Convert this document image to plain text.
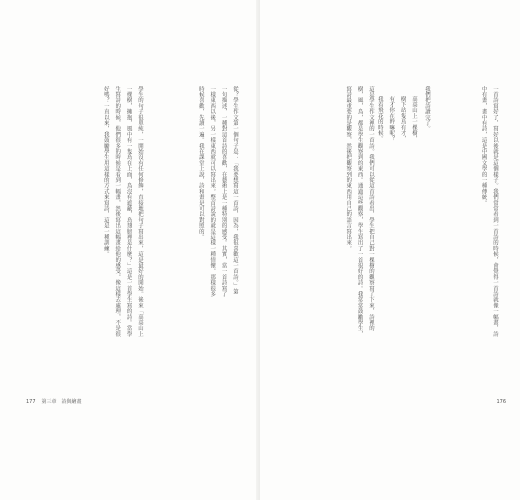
從？學生作文第一個句子是：「我要想寫這一首詩，因為，我很喜歡這一首詩。」第一句描述，一種對這首詩的喜歡，在藝術上是一種特別的感受。其實，當一首詩寫了一樣東西以後，另一樣東西就可以寫出來。整首詩說的就是這樣一種情懷。那樣很多時候喜歡，先讀一遍。我在課堂上說，詩和畫是可以對照的。
學生的句子很單純，一開始沒有任何修飾，直接地把句子寫出來，這是最好的開始。後來「高高山上一棵樹，擁抱，風中有一隻鳥在上面，鳥沒有遮蔽，鳥翅膀裡是什麼？」這是一首學生寫的詩。當學生寫詩的時候，他們很多的時候是看到一幅畫，然後寫出這幅畫給他的感受。像這樣去處理，不是很好嗎？一直以來，我鼓勵學生用這樣的方式來寫詩，這是一種訓練。
177 第三章　詩與繪畫
一首詩寫好了，寫好以後就是這個樣子。我們常常看到一首詩的時候，會覺得一首詩就像一幅畫，詩中有畫，畫中有詩，這是中國文學的一種傳統。
我們把詩讀完了。
高高山上一棵樹，
樹下站隻烏有才，
有才你在幹嘛呢？
我看飛花的時候。
這是學生作文裡的一首詩。我們可以從這首詩看出，學生把自己對一棵樹的觀察寫了下來，詩裡的樹，風，鳥，都是學生觀察到的東西。通過這些觀察，學生寫出了一首很好的詩。我常常鼓勵學生，寫詩最重要的是觀察，然後把觀察到的東西用自己的語言寫出來。
176
